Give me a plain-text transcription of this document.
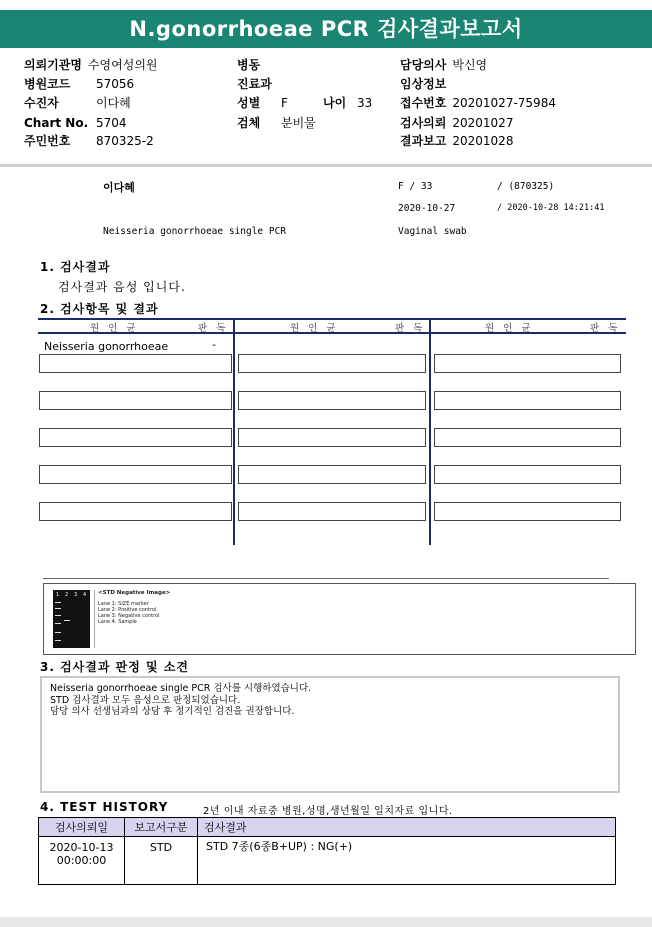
N.gonorrhoeae PCR 검사결과보고서
의뢰기관명 수영여성의원
병원코드 57056
수진자	이다혜
Chart No. 5704
주민번호 870325-2
병동
진료과
성별 F	나이 33
검체 분비물
담당의사 박신영
임상정보
접수번호 20201027-75984
검사의뢰 20201027
결과보고 20201028
이다혜	F / 33	/ (870325)
2020-10-27	/ 2020-10-28 14:21:41
Neisseria gonorrhoeae single PCR	Vaginal swab
1. 검사결과
검사결과 음성 입니다.
2. 검사항목 및 결과
원 인 균	판 독	원 인 균	판 독	원 인 균	판 독
Neisseria gonorrhoeae	-
1 2 3 4 <STD Negative Image>
Lane 1: SIZE marker
Lane 2: Positive control
Lane 3: Negative control
Lane 4: Sample
3. 검사결과 판정 및 소견
Neisseria gonorrhoeae single PCR 검사를 시행하였습니다.
STD 검사결과 모두 음성으로 판정되었습니다.
담당 의사 선생님과의 상담 후 정기적인 검진을 권장합니다.
4. TEST HISTORY	2년 이내 자료중 병원,성명,생년월일 일치자료 입니다.
검사의뢰일	보고서구분	검사결과

2020-10-13
00:00:00	STD	STD 7종(6종B+UP) : NG(+)
